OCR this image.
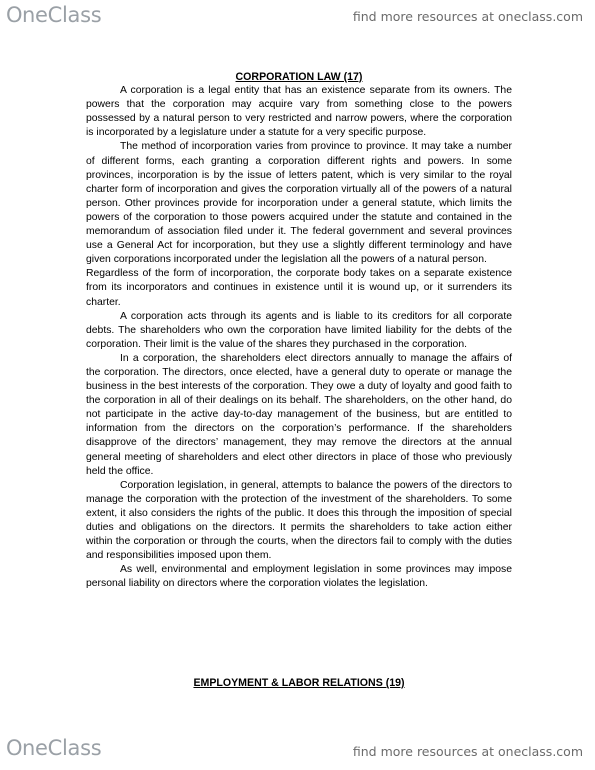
O neClass	find more resources at oneclass.com
CORPORATION LAW (17)

A corporation is a legal entity that has an existence separate from its owners. The powers that the corporation may acquire vary from something close to the powers possessed by a natural person to very restricted and narrow powers, where the corporation is incorporated by a legislature under a statute for a very specific purpose.

The method of incorporation varies from province to province. It may take a number of different forms, each granting a corporation different rights and powers. In some provinces, incorporation is by the issue of letters patent, which is very similar to the royal charter form of incorporation and gives the corporation virtually all of the powers of a natural person. Other provinces provide for incorporation under a general statute, which limits the powers of the corporation to those powers acquired under the statute and contained in the memorandum of association filed under it. The federal government and several provinces use a General Act for incorporation, but they use a slightly different terminology and have given corporations incorporated under the legislation all the powers of a natural person.

Regardless of the form of incorporation, the corporate body takes on a separate existence from its incorporators and continues in existence until it is wound up, or it surrenders its charter.

A corporation acts through its agents and is liable to its creditors for all corporate debts. The shareholders who own the corporation have limited liability for the debts of the corporation. Their limit is the value of the shares they purchased in the corporation.

In a corporation, the shareholders elect directors annually to manage the affairs of the corporation. The directors, once elected, have a general duty to operate or manage the business in the best interests of the corporation. They owe a duty of loyalty and good faith to the corporation in all of their dealings on its behalf. The shareholders, on the other hand, do not participate in the active day-to-day management of the business, but are entitled to information from the directors on the corporation’s performance. If the shareholders disapprove of the directors’ management, they may remove the directors at the annual general meeting of shareholders and elect other directors in place of those who previously held the office.

Corporation legislation, in general, attempts to balance the powers of the directors to manage the corporation with the protection of the investment of the shareholders. To some extent, it also considers the rights of the public. It does this through the imposition of special duties and obligations on the directors. It permits the shareholders to take action either within the corporation or through the courts, when the directors fail to comply with the duties and responsibilities imposed upon them.

As well, environmental and employment legislation in some provinces may impose personal liability on directors where the corporation violates the legislation.

EMPLOYMENT & LABOR RELATIONS (19)
O neClass	find more resources at oneclass.com
